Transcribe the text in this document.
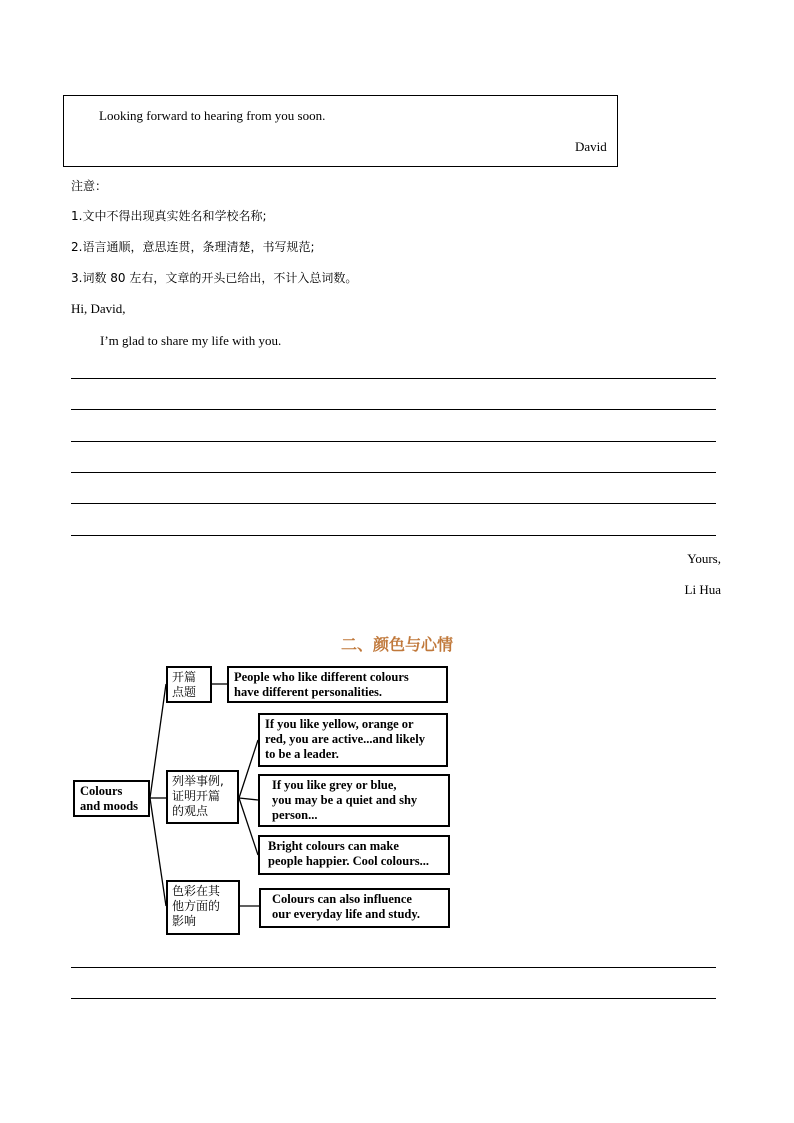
Looking forward to hearing from you soon.
David
注意：
1.文中不得出现真实姓名和学校名称;
2.语言通顺，意思连贯，条理清楚，书写规范;
3.词数 80 左右，文章的开头已给出，不计入总词数。
Hi, David,
I’m glad to share my life with you.
Yours,
Li Hua
二、颜色与心情
Colours
and moods
开篇
点题
列举事例,
证明开篇
的观点
色彩在其
他方面的
影响
People who like different colours
have different personalities.
If you like yellow, orange or
red, you are active...and likely
to be a leader.
If you like grey or blue,
you may be a quiet and shy
person...
Bright colours can make
people happier. Cool colours...
Colours can also influence
our everyday life and study.
